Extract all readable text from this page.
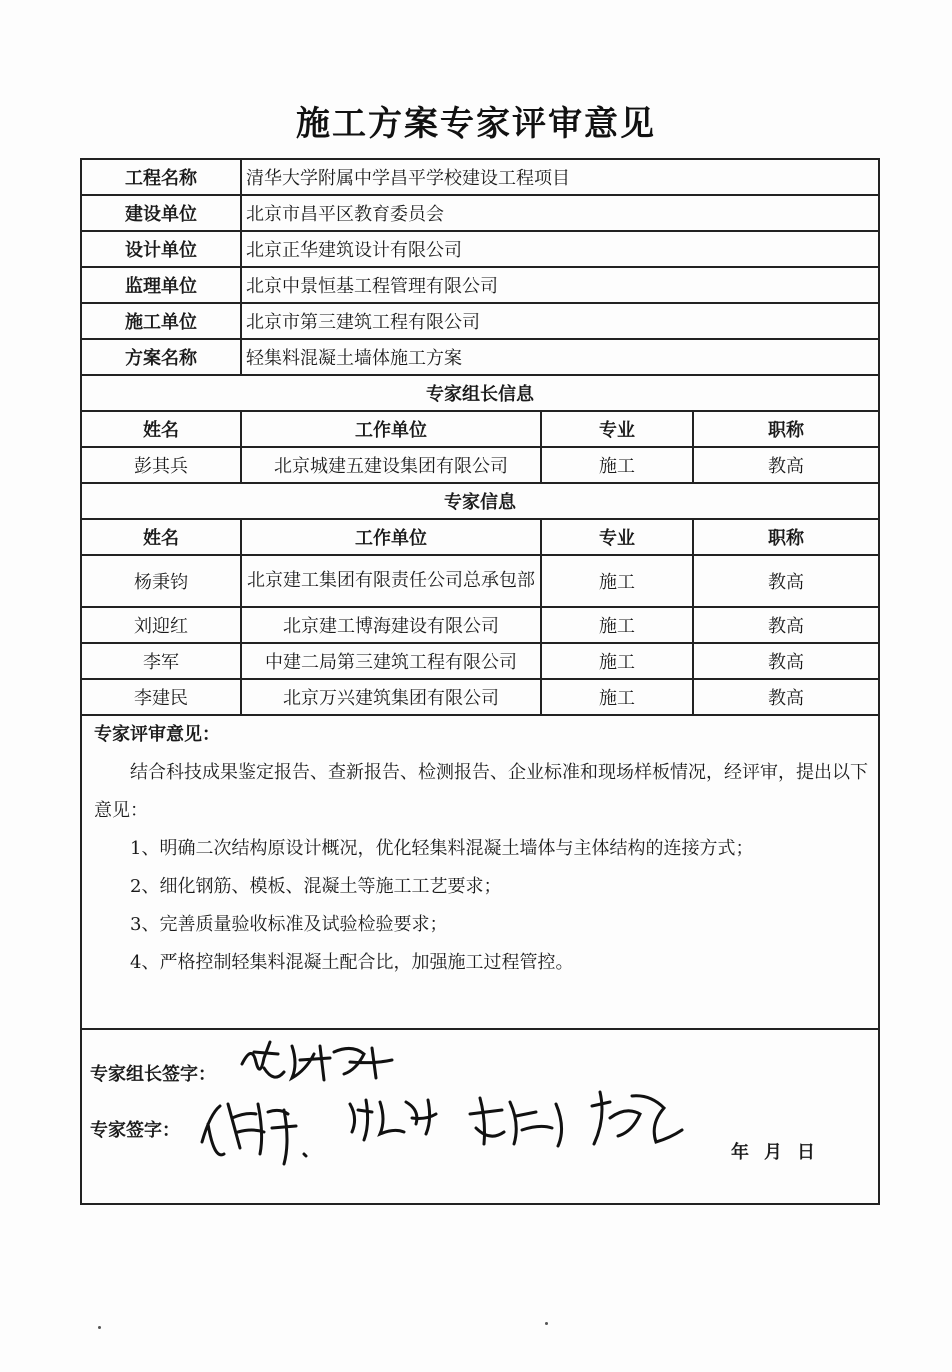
施工方案专家评审意见
工程名称	清华大学附属中学昌平学校建设工程项目		
建设单位	北京市昌平区教育委员会		
设计单位	北京正华建筑设计有限公司		
监理单位	北京中景恒基工程管理有限公司		
施工单位	北京市第三建筑工程有限公司		
方案名称	轻集料混凝土墙体施工方案		
专家组长信息			
姓名	工作单位	专业	职称
彭其兵	北京城建五建设集团有限公司	施工	教高
专家信息			
姓名	工作单位	专业	职称
杨秉钧	北京建工集团有限责任公司总承包部	施工	教高
刘迎红	北京建工博海建设有限公司	施工	教高
李军	中建二局第三建筑工程有限公司	施工	教高
李建民	北京万兴建筑集团有限公司	施工	教高
专家评审意见：

结合科技成果鉴定报告、查新报告、检测报告、企业标准和现场样板情况，经评审，提出以下意见：

1、明确二次结构原设计概况，优化轻集料混凝土墙体与主体结构的连接方式；

2、细化钢筋、模板、混凝土等施工工艺要求；

3、完善质量验收标准及试验检验要求；

4、严格控制轻集料混凝土配合比，加强施工过程管控。

专家组长签字：
专家签字：
年 月 日
